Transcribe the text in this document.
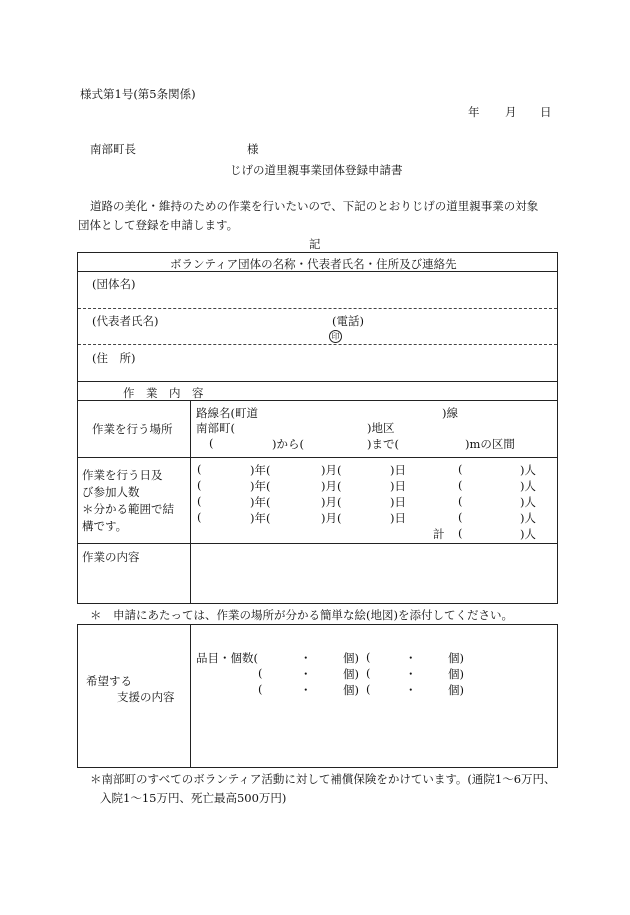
様式第1号(第5条関係)
年 月 日
南部町長	様
じげの道里親事業団体登録申請書
道路の美化・維持のための作業を行いたいので、下記のとおりじげの道里親事業の対象
団体として登録を申請します。
記
ボランティア団体の名称・代表者氏名・住所及び連絡先
(団体名)
(代表者氏名)	(電話)
印
(住　所)
作　業　内　容
作業を行う場所
路線名(町道　　　　　　　　　　　　　　　　)線
南部町(	)地区
(	)から(	)まで(	)mの区間
作業を行う日及
び参加人数
＊分かる範囲で結
構です。
(	)年(	)月(	)日	(	)人
(	)年(	)月(	)日	(	)人
(	)年(	)月(	)日	(	)人
(	)年(	)月(	)日	(	)人
計 (	)人
作業の内容
＊　申請にあたっては、作業の場所が分かる簡単な絵(地図)を添付してください。
希望する
支援の内容
品目・個数(	・	個) (	・	個)
(	・	個) (	・	個)
(	・	個) (	・	個)
＊南部町のすべてのボランティア活動に対して補償保険をかけています。(通院1～6万円、
入院1～15万円、死亡最高500万円)
